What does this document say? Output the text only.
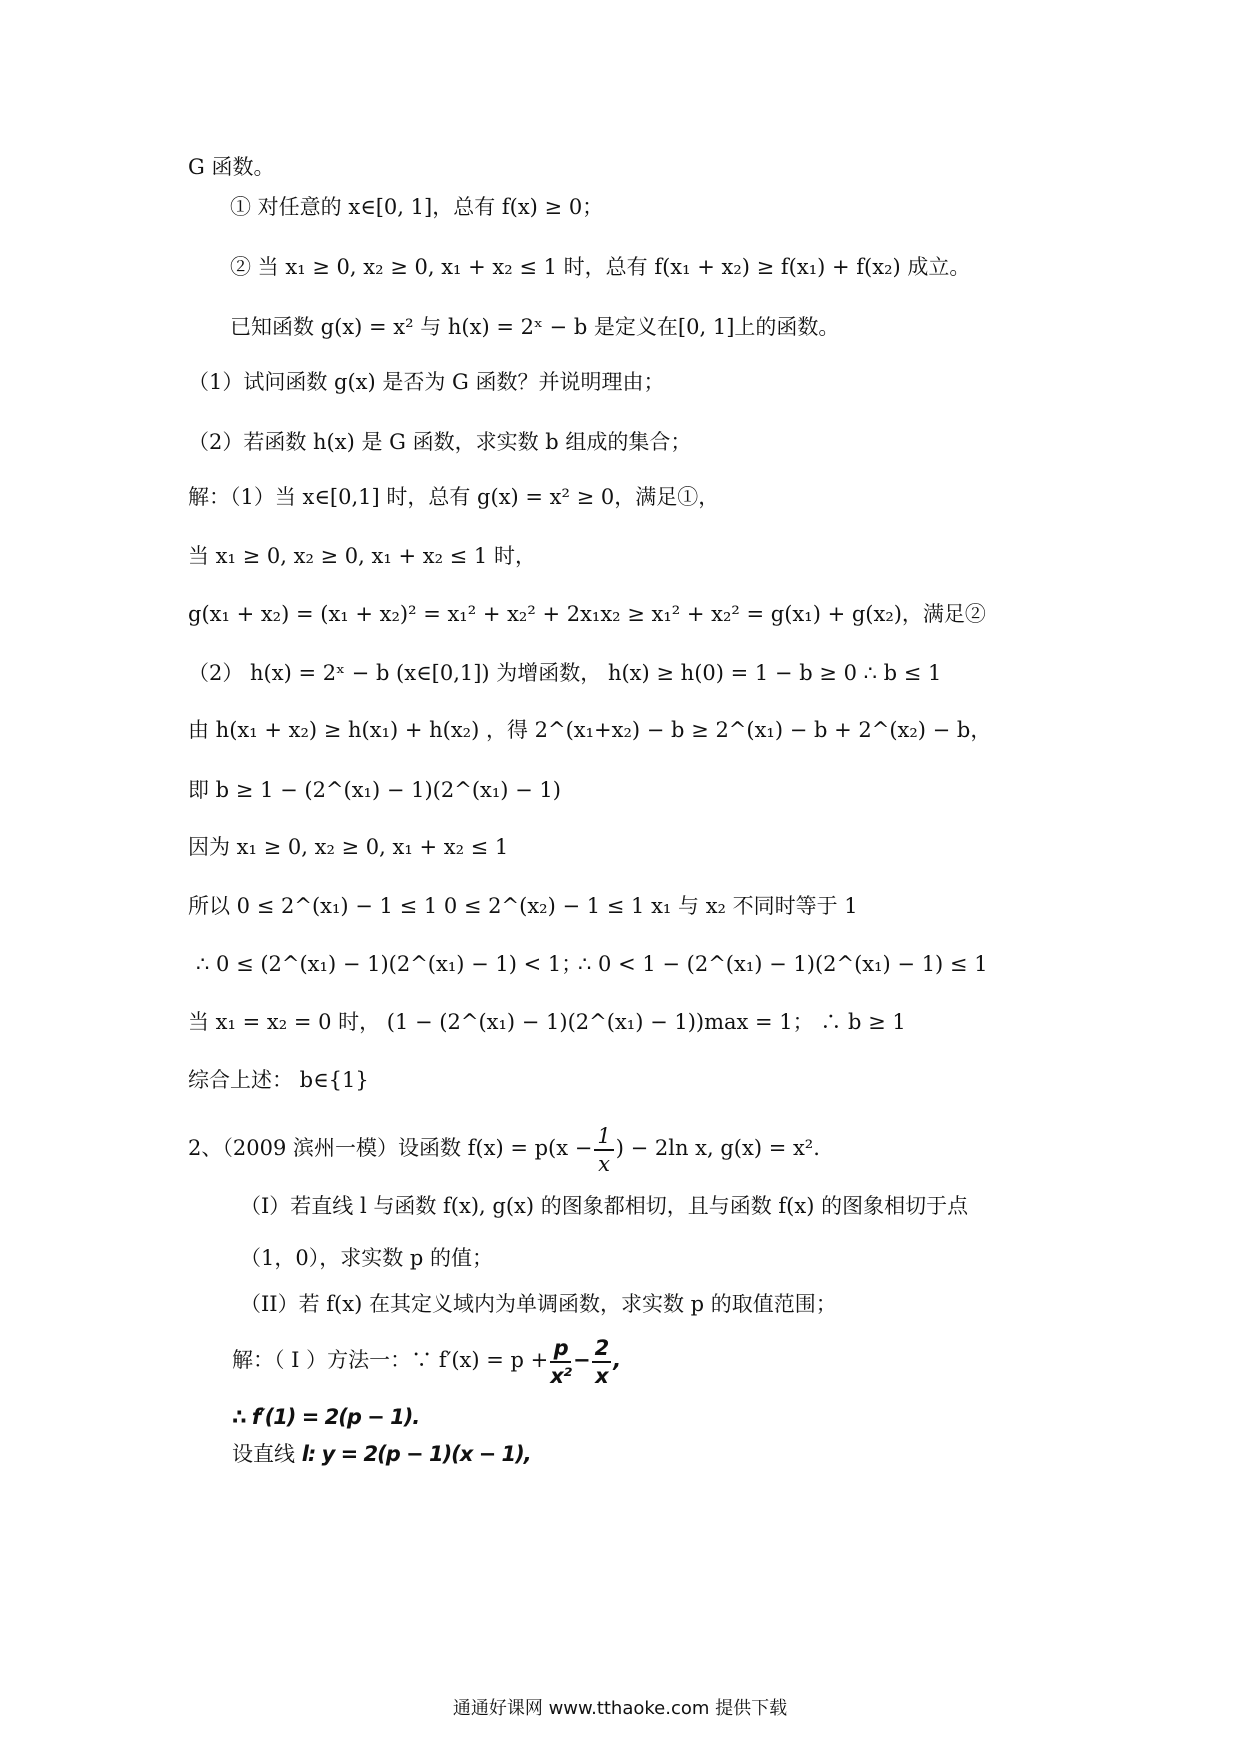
G 函数。
① 对任意的 x∈[0, 1]，总有 f(x) ≥ 0；
② 当 x₁ ≥ 0, x₂ ≥ 0, x₁ + x₂ ≤ 1 时，总有 f(x₁ + x₂) ≥ f(x₁) + f(x₂) 成立。
已知函数 g(x) = x² 与 h(x) = 2ˣ − b 是定义在[0, 1]上的函数。
（1）试问函数 g(x) 是否为 G 函数？并说明理由；
（2）若函数 h(x) 是 G 函数，求实数 b 组成的集合；
解：（1）当 x∈[0,1] 时，总有 g(x) = x² ≥ 0，满足①，
当 x₁ ≥ 0, x₂ ≥ 0, x₁ + x₂ ≤ 1 时，
g(x₁ + x₂) = (x₁ + x₂)² = x₁² + x₂² + 2x₁x₂ ≥ x₁² + x₂² = g(x₁) + g(x₂)，满足②
（2） h(x) = 2ˣ − b (x∈[0,1]) 为增函数， h(x) ≥ h(0) = 1 − b ≥ 0 ∴ b ≤ 1
由 h(x₁ + x₂) ≥ h(x₁) + h(x₂) ，得 2^(x₁+x₂) − b ≥ 2^(x₁) − b + 2^(x₂) − b，
即 b ≥ 1 − (2^(x₁) − 1)(2^(x₁) − 1)
因为 x₁ ≥ 0, x₂ ≥ 0, x₁ + x₂ ≤ 1
所以 0 ≤ 2^(x₁) − 1 ≤ 1 0 ≤ 2^(x₂) − 1 ≤ 1 x₁ 与 x₂ 不同时等于 1
∴ 0 ≤ (2^(x₁) − 1)(2^(x₁) − 1) < 1；
∴ 0 < 1 − (2^(x₁) − 1)(2^(x₁) − 1) ≤ 1
当 x₁ = x₂ = 0 时， (1 − (2^(x₁) − 1)(2^(x₁) − 1))max = 1； ∴ b ≥ 1
综合上述： b∈{1}
2、（2009 滨州一模）设函数 $f(x) = p(x - \frac{1}{x}$ ) − 2ln x, g(x) = x².
（I）若直线 l 与函数 f(x), g(x) 的图象都相切，且与函数 f(x) 的图象相切于点
（1，0），求实数 p 的值；
（II）若 f(x) 在其定义域内为单调函数，求实数 p 的取值范围；
解：（ I ）方法一：∵ $f'(x) = p + \frac{p}{\text{x²}} - \frac{2}{x}$ ,
∴ f′(1) = 2(p − 1).
设直线 l: y = 2(p − 1)(x − 1),
通通好课网 www.tthaoke.com 提供下载
